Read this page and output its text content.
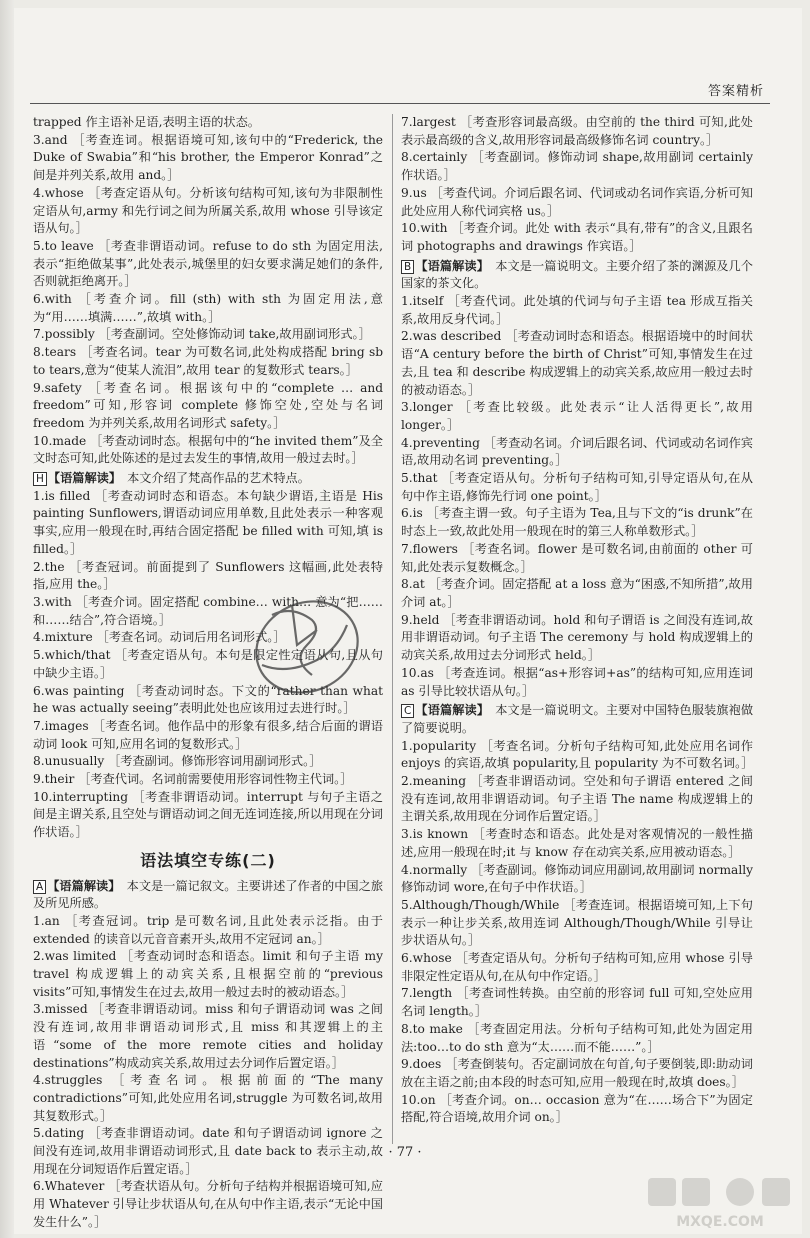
答案精析

trapped 作主语补足语,表明主语的状态。

3.and ［考查连词。根据语境可知,该句中的“Frederick, the Duke of Swabia”和“his brother, the Emperor Konrad”之间是并列关系,故用 and。］

4.whose ［考查定语从句。分析该句结构可知,该句为非限制性定语从句,army 和先行词之间为所属关系,故用 whose 引导该定语从句。］

5.to leave ［考查非谓语动词。refuse to do sth 为固定用法,表示“拒绝做某事”,此处表示,城堡里的妇女要求满足她们的条件,否则就拒绝离开。］

6.with ［考查介词。fill (sth) with sth 为固定用法,意为“用……填满……”,故填 with。］

7.possibly ［考查副词。空处修饰动词 take,故用副词形式。］

8.tears ［考查名词。tear 为可数名词,此处构成搭配 bring sb to tears,意为“使某人流泪”,故用 tear 的复数形式 tears。］

9.safety ［考查名词。根据该句中的“complete … and freedom”可知,形容词 complete 修饰空处,空处与名词 freedom 为并列关系,故用名词形式 safety。］

10.made ［考查动词时态。根据句中的“he invited them”及全文时态可知,此处陈述的是过去发生的事情,故用一般过去时。］

H 【语篇解读】　 本文介绍了梵高作品的艺术特点。

1.is filled ［考查动词时态和语态。本句缺少谓语,主语是 His painting Sunflowers,谓语动词应用单数,且此处表示一种客观事实,应用一般现在时,再结合固定搭配 be filled with 可知,填 is filled。］

2.the ［考查冠词。前面提到了 Sunflowers 这幅画,此处表特指,应用 the。］

3.with ［考查介词。固定搭配 combine… with… 意为“把……和……结合”,符合语境。］

4.mixture ［考查名词。动词后用名词形式。］

5.which/that ［考查定语从句。本句是限定性定语从句,且从句中缺少主语。］

6.was painting ［考查动词时态。下文的“rather than what he was actually seeing”表明此处也应该用过去进行时。］

7.images ［考查名词。他作品中的形象有很多,结合后面的谓语动词 look 可知,应用名词的复数形式。］

8.unusually ［考查副词。修饰形容词用副词形式。］

9.their ［考查代词。名词前需要使用形容词性物主代词。］

10.interrupting ［考查非谓语动词。interrupt 与句子主语之间是主谓关系,且空处与谓语动词之间无连词连接,所以用现在分词作状语。］

语法填空专练(二)

A 【语篇解读】　 本文是一篇记叙文。主要讲述了作者的中国之旅及所见所感。

1.an ［考查冠词。trip 是可数名词,且此处表示泛指。由于 extended 的读音以元音音素开头,故用不定冠词 an。］

2.was limited ［考查动词时态和语态。limit 和句子主语 my travel 构成逻辑上的动宾关系,且根据空前的“previous visits”可知,事情发生在过去,故用一般过去时的被动语态。］

3.missed ［考查非谓语动词。miss 和句子谓语动词 was 之间没有连词,故用非谓语动词形式,且 miss 和其逻辑上的主语“some of the more remote cities and holiday destinations”构成动宾关系,故用过去分词作后置定语。］

4.struggles ［考查名词。根据前面的“The many contradictions”可知,此处应用名词,struggle 为可数名词,故用其复数形式。］

5.dating ［考查非谓语动词。date 和句子谓语动词 ignore 之间没有连词,故用非谓语动词形式,且 date back to 表示主动,故用现在分词短语作后置定语。］

6.Whatever ［考查状语从句。分析句子结构并根据语境可知,应用 Whatever 引导让步状语从句,在从句中作主语,表示“无论中国发生什么”。］

7.largest ［考查形容词最高级。由空前的 the third 可知,此处表示最高级的含义,故用形容词最高级修饰名词 country。］

8.certainly ［考查副词。修饰动词 shape,故用副词 certainly 作状语。］

9.us ［考查代词。介词后跟名词、代词或动名词作宾语,分析可知此处应用人称代词宾格 us。］

10.with ［考查介词。此处 with 表示“具有,带有”的含义,且跟名词 photographs and drawings 作宾语。］

B 【语篇解读】　 本文是一篇说明文。主要介绍了茶的渊源及几个国家的茶文化。

1.itself ［考查代词。此处填的代词与句子主语 tea 形成互指关系,故用反身代词。］

2.was described ［考查动词时态和语态。根据语境中的时间状语“A century before the birth of Christ”可知,事情发生在过去,且 tea 和 describe 构成逻辑上的动宾关系,故应用一般过去时的被动语态。］

3.longer ［考查比较级。此处表示“让人活得更长”,故用 longer。］

4.preventing ［考查动名词。介词后跟名词、代词或动名词作宾语,故用动名词 preventing。］

5.that ［考查定语从句。分析句子结构可知,引导定语从句,在从句中作主语,修饰先行词 one point。］

6.is ［考查主谓一致。句子主语为 Tea,且与下文的“is drunk”在时态上一致,故此处用一般现在时的第三人称单数形式。］

7.flowers ［考查名词。flower 是可数名词,由前面的 other 可知,此处表示复数概念。］

8.at ［考查介词。固定搭配 at a loss 意为“困惑,不知所措”,故用介词 at。］

9.held ［考查非谓语动词。hold 和句子谓语 is 之间没有连词,故用非谓语动词。句子主语 The ceremony 与 hold 构成逻辑上的动宾关系,故用过去分词形式 held。］

10.as ［考查连词。根据“as+形容词+as”的结构可知,应用连词 as 引导比较状语从句。］

C 【语篇解读】　 本文是一篇说明文。主要对中国特色服装旗袍做了简要说明。

1.popularity ［考查名词。分析句子结构可知,此处应用名词作 enjoys 的宾语,故填 popularity,且 popularity 为不可数名词。］

2.meaning ［考查非谓语动词。空处和句子谓语 entered 之间没有连词,故用非谓语动词。句子主语 The name 构成逻辑上的主谓关系,故用现在分词作后置定语。］

3.is known ［考查时态和语态。此处是对客观情况的一般性描述,应用一般现在时;it 与 know 存在动宾关系,应用被动语态。］

4.normally ［考查副词。修饰动词应用副词,故用副词 normally 修饰动词 wore,在句子中作状语。］

5.Although/Though/While ［考查连词。根据语境可知,上下句表示一种让步关系,故用连词 Although/Though/While 引导让步状语从句。］

6.whose ［考查定语从句。分析句子结构可知,应用 whose 引导非限定性定语从句,在从句中作定语。］

7.length ［考查词性转换。由空前的形容词 full 可知,空处应用名词 length。］

8.to make ［考查固定用法。分析句子结构可知,此处为固定用法:too…to do sth 意为“太……而不能……”。］

9.does ［考查倒装句。否定副词放在句首,句子要倒装,即:助动词放在主语之前;由本段的时态可知,应用一般现在时,故填 does。］

10.on ［考查介词。on… occasion 意为“在……场合下”为固定搭配,符合语境,故用介词 on。］

· 77 ·
MXQE.COM
